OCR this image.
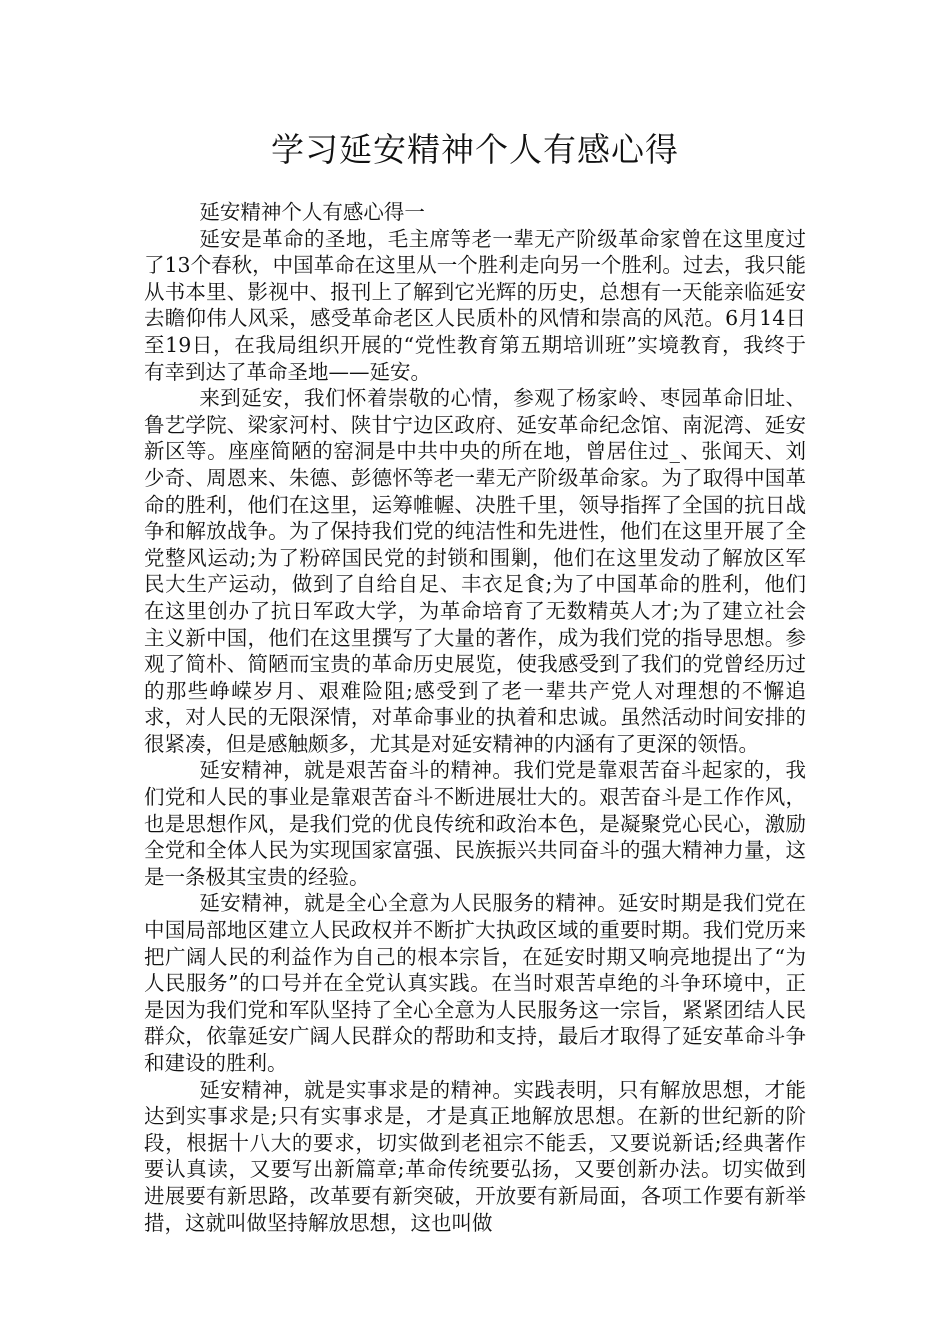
学习延安精神个人有感心得

延安精神个人有感心得一

延安是革命的圣地，毛主席等老一辈无产阶级革命家曾在这里度过了13个春秋，中国革命在这里从一个胜利走向另一个胜利。过去，我只能从书本里、影视中、报刊上了解到它光辉的历史，总想有一天能亲临延安去瞻仰伟人风采，感受革命老区人民质朴的风情和崇高的风范。6月14日至19日，在我局组织开展的“党性教育第五期培训班”实境教育，我终于有幸到达了革命圣地——延安。

来到延安，我们怀着崇敬的心情，参观了杨家岭、枣园革命旧址、鲁艺学院、梁家河村、陕甘宁边区政府、延安革命纪念馆、南泥湾、延安新区等。座座简陋的窑洞是中共中央的所在地，曾居住过_、张闻天、刘少奇、周恩来、朱德、彭德怀等老一辈无产阶级革命家。为了取得中国革命的胜利，他们在这里，运筹帷幄、决胜千里，领导指挥了全国的抗日战争和解放战争。为了保持我们党的纯洁性和先进性，他们在这里开展了全党整风运动;为了粉碎国民党的封锁和围剿，他们在这里发动了解放区军民大生产运动，做到了自给自足、丰衣足食;为了中国革命的胜利，他们在这里创办了抗日军政大学，为革命培育了无数精英人才;为了建立社会主义新中国，他们在这里撰写了大量的著作，成为我们党的指导思想。参观了简朴、简陋而宝贵的革命历史展览，使我感受到了我们的党曾经历过的那些峥嵘岁月、艰难险阻;感受到了老一辈共产党人对理想的不懈追求，对人民的无限深情，对革命事业的执着和忠诚。虽然活动时间安排的很紧凑，但是感触颇多，尤其是对延安精神的内涵有了更深的领悟。

延安精神，就是艰苦奋斗的精神。我们党是靠艰苦奋斗起家的，我们党和人民的事业是靠艰苦奋斗不断进展壮大的。艰苦奋斗是工作作风，也是思想作风，是我们党的优良传统和政治本色，是凝聚党心民心，激励全党和全体人民为实现国家富强、民族振兴共同奋斗的强大精神力量，这是一条极其宝贵的经验。

延安精神，就是全心全意为人民服务的精神。延安时期是我们党在中国局部地区建立人民政权并不断扩大执政区域的重要时期。我们党历来把广阔人民的利益作为自己的根本宗旨，在延安时期又响亮地提出了“为人民服务”的口号并在全党认真实践。在当时艰苦卓绝的斗争环境中，正是因为我们党和军队坚持了全心全意为人民服务这一宗旨，紧紧团结人民群众，依靠延安广阔人民群众的帮助和支持，最后才取得了延安革命斗争和建设的胜利。

延安精神，就是实事求是的精神。实践表明，只有解放思想，才能达到实事求是;只有实事求是，才是真正地解放思想。在新的世纪新的阶段，根据十八大的要求，切实做到老祖宗不能丢，又要说新话;经典著作要认真读，又要写出新篇章;革命传统要弘扬，又要创新办法。切实做到进展要有新思路，改革要有新突破，开放要有新局面，各项工作要有新举措，这就叫做坚持解放思想，这也叫做
